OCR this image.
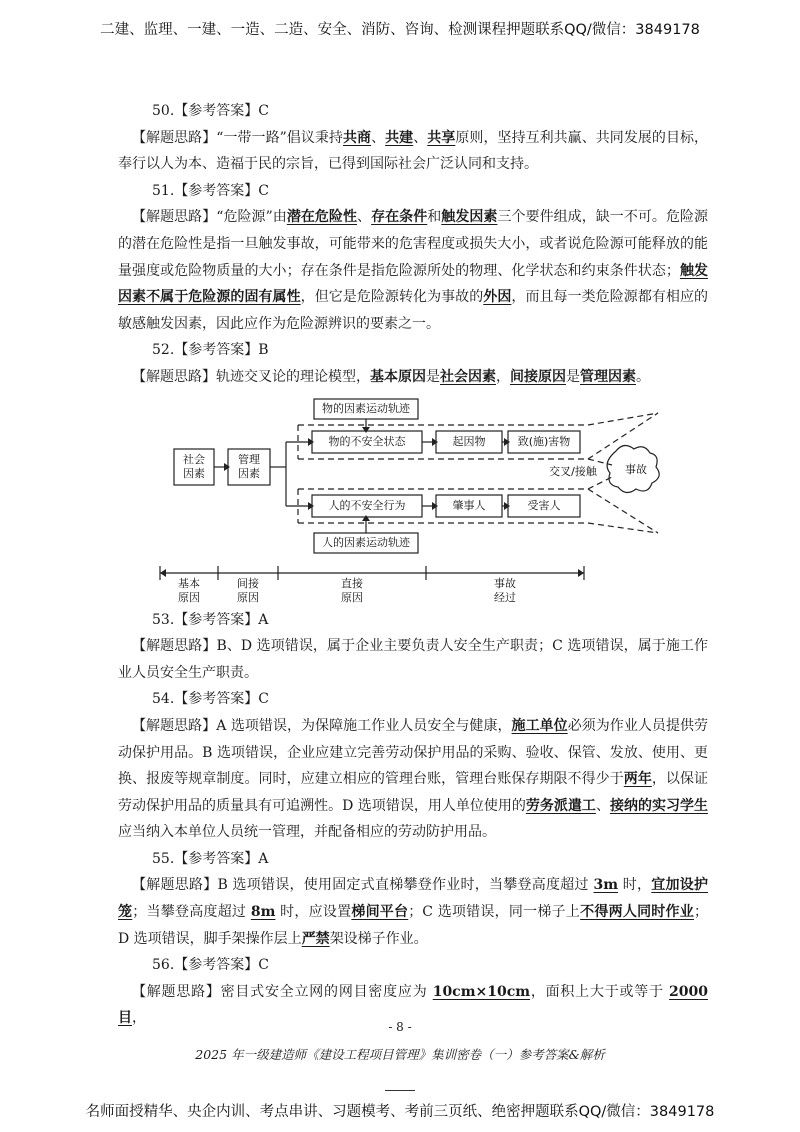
二建、监理、一建、一造、二造、安全、消防、咨询、检测课程押题联系QQ/微信：3849178
50.【参考答案】C
【解题思路】“一带一路”倡议秉持共商、共建、共享原则，坚持互利共赢、共同发展的目标，奉行以人为本、造福于民的宗旨，已得到国际社会广泛认同和支持。
51.【参考答案】C
【解题思路】“危险源”由潜在危险性、存在条件和触发因素三个要件组成，缺一不可。危险源的潜在危险性是指一旦触发事故，可能带来的危害程度或损失大小，或者说危险源可能释放的能量强度或危险物质量的大小；存在条件是指危险源所处的物理、化学状态和约束条件状态；触发因素不属于危险源的固有属性，但它是危险源转化为事故的外因，而且每一类危险源都有相应的敏感触发因素，因此应作为危险源辨识的要素之一。
52.【参考答案】B
【解题思路】轨迹交叉论的理论模型，基本原因是社会因素，间接原因是管理因素。
社会
因素
管理
因素
物的因素运动轨迹
物的不安全状态	起因物	致(施)害物
交叉/接触	事故
人的不安全行为	肇事人	受害人
人的因素运动轨迹
基本
原因
间接
原因
直接
原因
事故
经过
53.【参考答案】A
【解题思路】B、D 选项错误，属于企业主要负责人安全生产职责；C 选项错误，属于施工作业人员安全生产职责。
54.【参考答案】C
【解题思路】A 选项错误，为保障施工作业人员安全与健康，施工单位必须为作业人员提供劳动保护用品。B 选项错误，企业应建立完善劳动保护用品的采购、验收、保管、发放、使用、更换、报废等规章制度。同时，应建立相应的管理台账，管理台账保存期限不得少于两年，以保证劳动保护用品的质量具有可追溯性。D 选项错误，用人单位使用的劳务派遣工、接纳的实习学生应当纳入本单位人员统一管理，并配备相应的劳动防护用品。
55.【参考答案】A
【解题思路】B 选项错误，使用固定式直梯攀登作业时，当攀登高度超过 3m 时，宜加设护笼；当攀登高度超过 8m 时，应设置梯间平台；C 选项错误，同一梯子上不得两人同时作业；D 选项错误，脚手架操作层上严禁架设梯子作业。
56.【参考答案】C
【解题思路】密目式安全立网的网目密度应为 10cm×10cm，面积上大于或等于 2000 目，
- 8 -
2025 年一级建造师《建设工程项目管理》集训密卷（一）参考答案&解析
名师面授精华、央企内训、考点串讲、习题模考、考前三页纸、绝密押题联系QQ/微信：3849178
